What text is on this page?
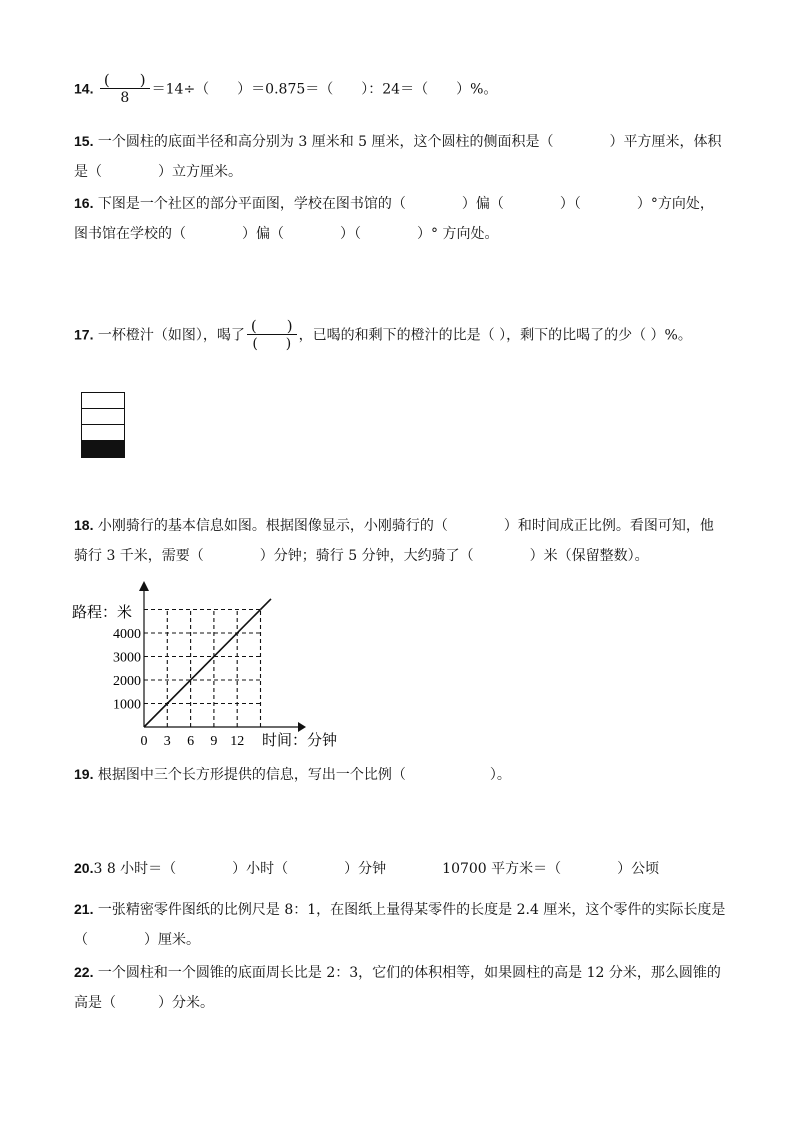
14. $\frac{( )}{8} =14\div$（　　）＝0.875＝（　　）：24＝（　　）%。
15. 一个圆柱的底面半径和高分别为 3 厘米和 5 厘米，这个圆柱的侧面积是（　　　　）平方厘米，体积
是（　　　　）立方厘米。
16. 下图是一个社区的部分平面图，学校在图书馆的（　　　　）偏（　　　　）（　　　　）°方向处，
图书馆在学校的（　　　　）偏（　　　　）（　　　　）° 方向处。
17. 一杯橙汁（如图），喝了 $\frac{( )}{( )}$ ，已喝的和剩下的橙汁的比是（ ），剩下的比喝了的少（ ）%。
18. 小刚骑行的基本信息如图。根据图像显示，小刚骑行的（　　　　）和时间成正比例。看图可知，他
骑行 3 千米，需要（　　　　）分钟；骑行 5 分钟，大约骑了（　　　　）米（保留整数）。
1000
2000
3000
4000
0 3 6 9 12
路程：米
时间：分钟
19. 根据图中三个长方形提供的信息，写出一个比例（　　　　　　）。
20.3 8 小时＝（　　　　）小时（　　　　）分钟　　　　10700 平方米＝（　　　　）公顷
21. 一张精密零件图纸的比例尺是 8：1，在图纸上量得某零件的长度是 2.4 厘米，这个零件的实际长度是
（　　　　）厘米。
22. 一个圆柱和一个圆锥的底面周长比是 2：3，它们的体积相等，如果圆柱的高是 12 分米，那么圆锥的
高是（　　　）分米。
